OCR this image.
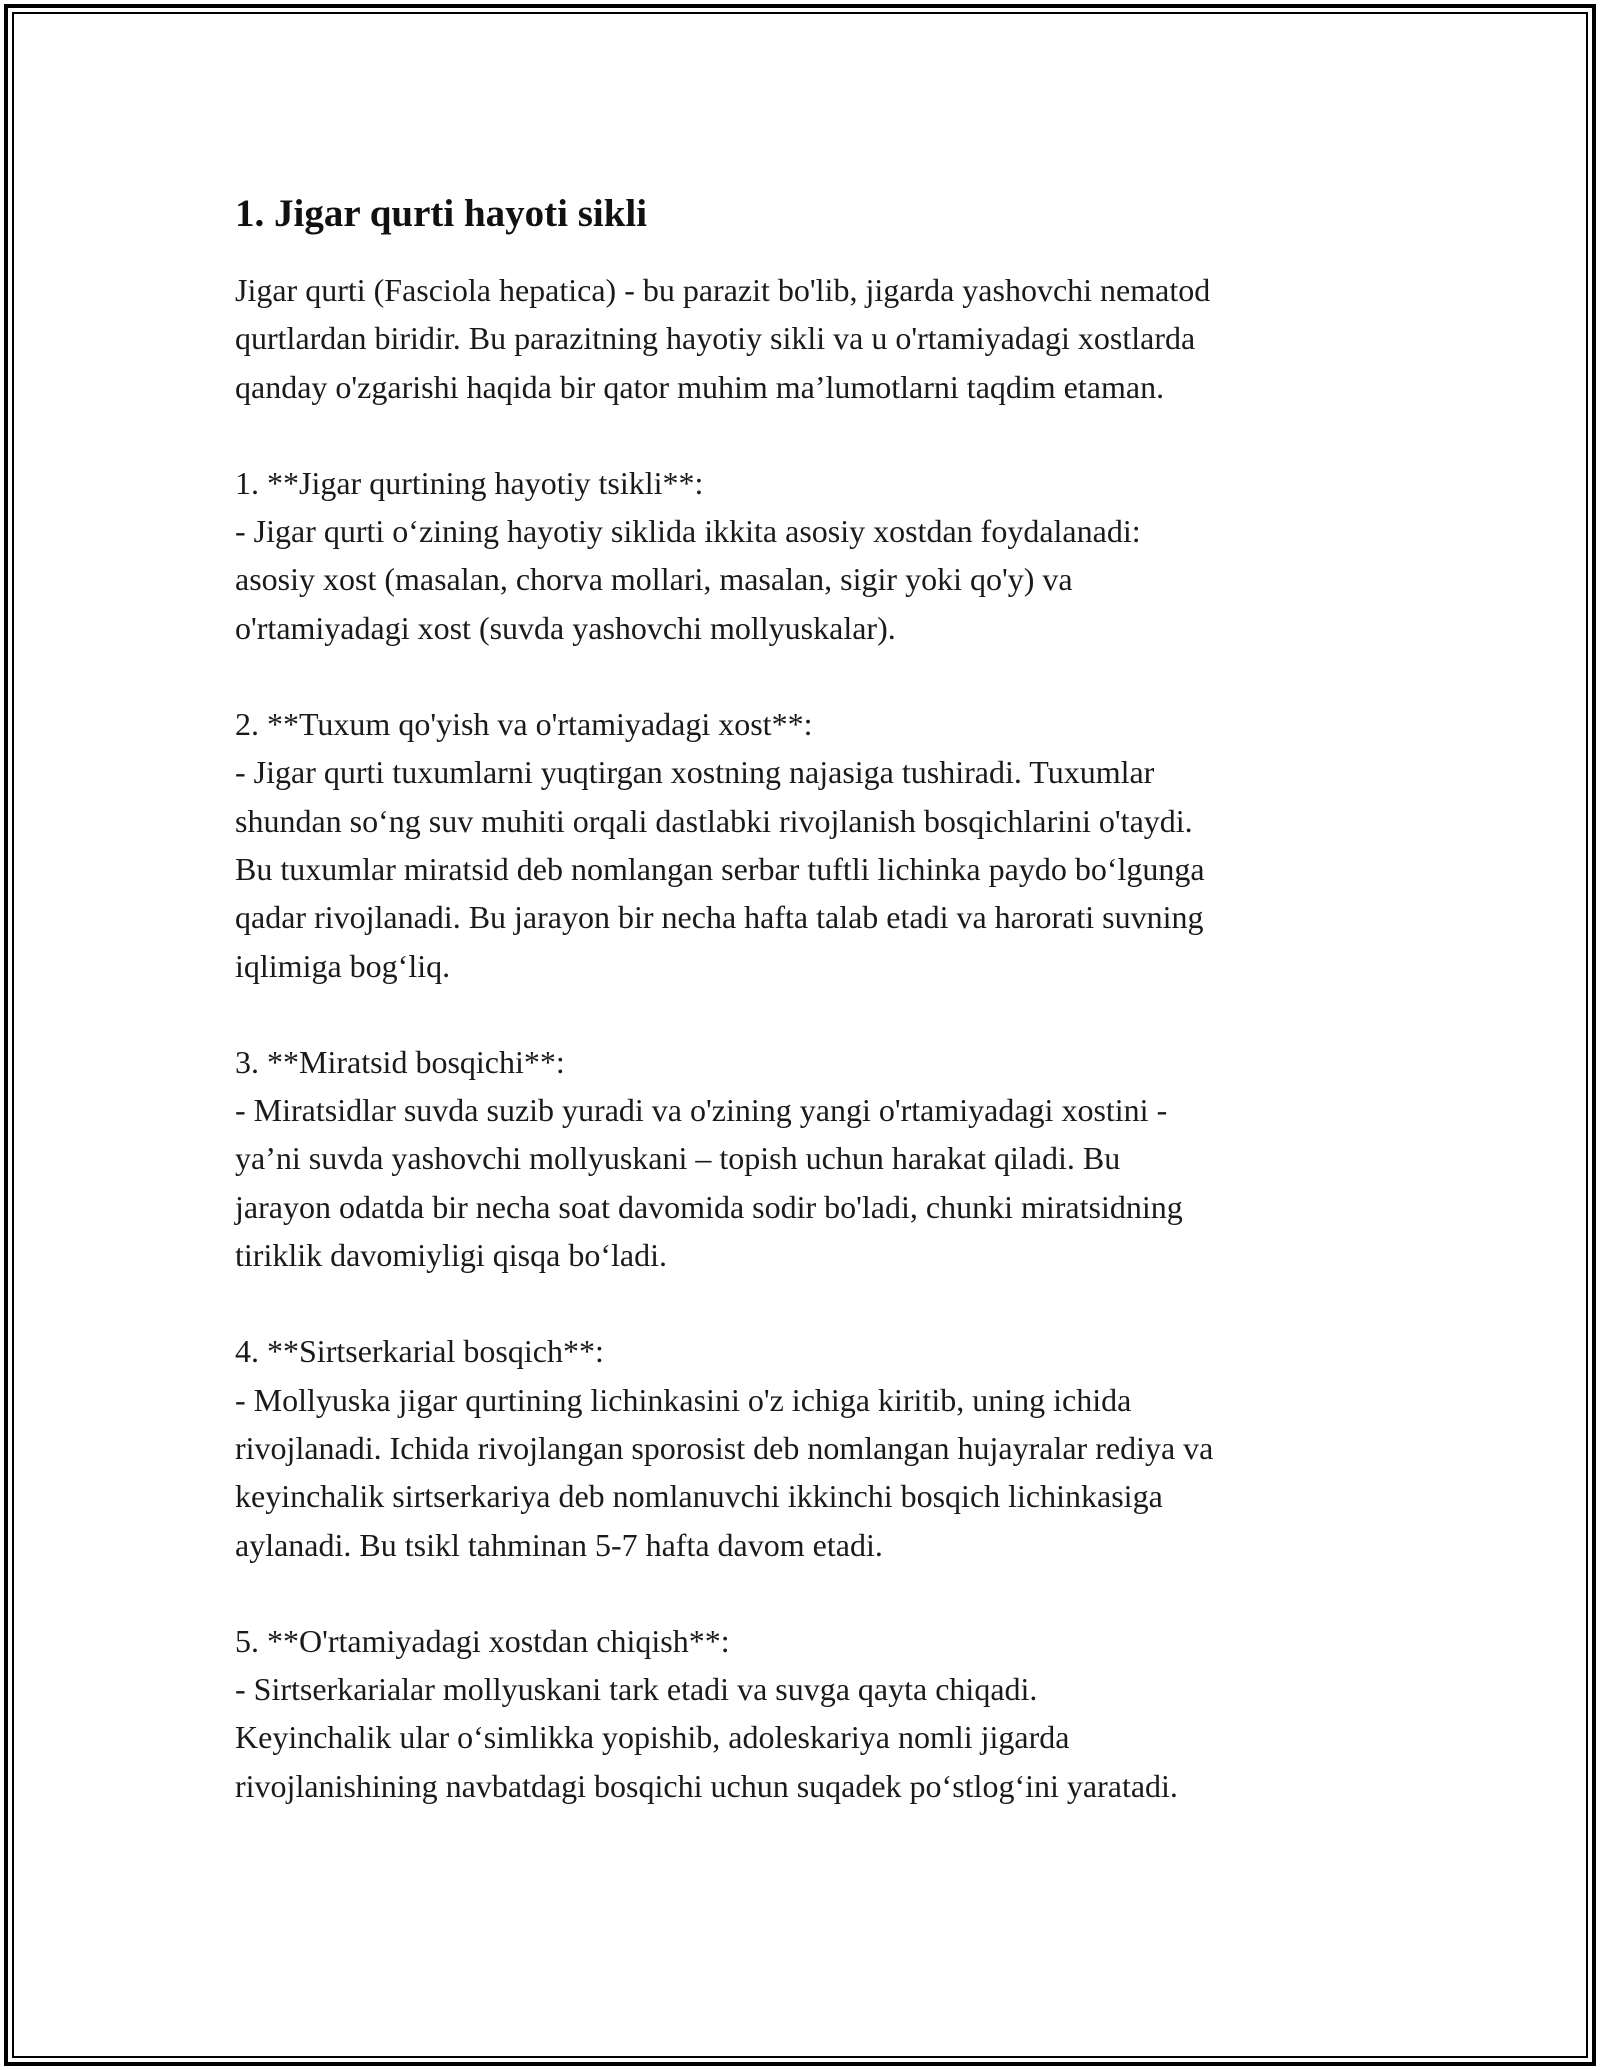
1. Jigar qurti hayoti sikli

Jigar qurti (Fasciola hepatica) - bu parazit bo'lib, jigarda yashovchi nematod
qurtlardan biridir. Bu parazitning hayotiy sikli va u o'rtamiyadagi xostlarda
qanday o'zgarishi haqida bir qator muhim ma’lumotlarni taqdim etaman.

1. **Jigar qurtining hayotiy tsikli**:

- Jigar qurti o‘zining hayotiy siklida ikkita asosiy xostdan foydalanadi:
asosiy xost (masalan, chorva mollari, masalan, sigir yoki qo'y) va
o'rtamiyadagi xost (suvda yashovchi mollyuskalar).

2. **Tuxum qo'yish va o'rtamiyadagi xost**:

- Jigar qurti tuxumlarni yuqtirgan xostning najasiga tushiradi. Tuxumlar
shundan so‘ng suv muhiti orqali dastlabki rivojlanish bosqichlarini o'taydi.
Bu tuxumlar miratsid deb nomlangan serbar tuftli lichinka paydo bo‘lgunga
qadar rivojlanadi. Bu jarayon bir necha hafta talab etadi va harorati suvning
iqlimiga bog‘liq.

3. **Miratsid bosqichi**:

- Miratsidlar suvda suzib yuradi va o'zining yangi o'rtamiyadagi xostini -
ya’ni suvda yashovchi mollyuskani – topish uchun harakat qiladi. Bu
jarayon odatda bir necha soat davomida sodir bo'ladi, chunki miratsidning
tiriklik davomiyligi qisqa bo‘ladi.

4. **Sirtserkarial bosqich**:

- Mollyuska jigar qurtining lichinkasini o'z ichiga kiritib, uning ichida
rivojlanadi. Ichida rivojlangan sporosist deb nomlangan hujayralar rediya va
keyinchalik sirtserkariya deb nomlanuvchi ikkinchi bosqich lichinkasiga
aylanadi. Bu tsikl tahminan 5-7 hafta davom etadi.

5. **O'rtamiyadagi xostdan chiqish**:

- Sirtserkarialar mollyuskani tark etadi va suvga qayta chiqadi.
Keyinchalik ular o‘simlikka yopishib, adoleskariya nomli jigarda
rivojlanishining navbatdagi bosqichi uchun suqadek po‘stlog‘ini yaratadi.
